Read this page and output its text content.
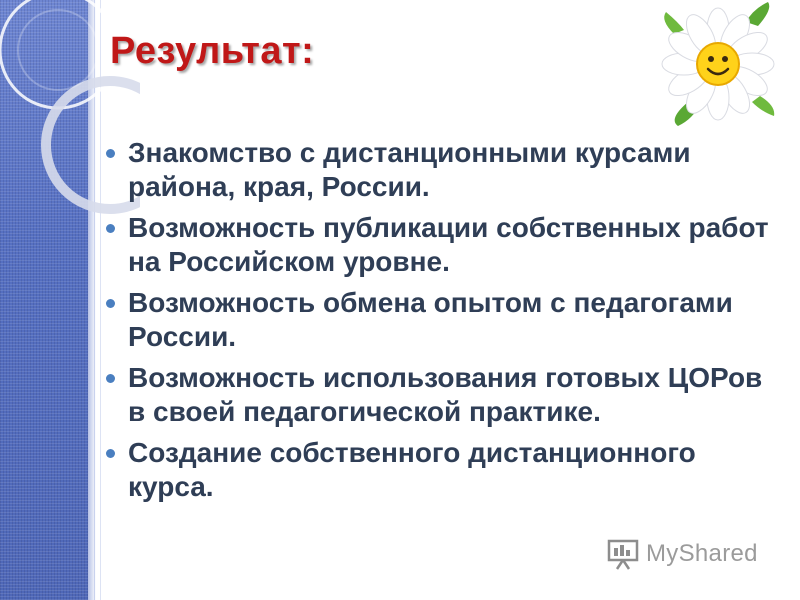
Результат:
Знакомство с дистанционными курсами района, края, России.
Возможность публикации собственных работ на Российском уровне.
Возможность обмена опытом с педагогами России.
Возможность использования готовых ЦОРов в своей педагогической практике.
Создание собственного дистанционного курса.
MyShared
